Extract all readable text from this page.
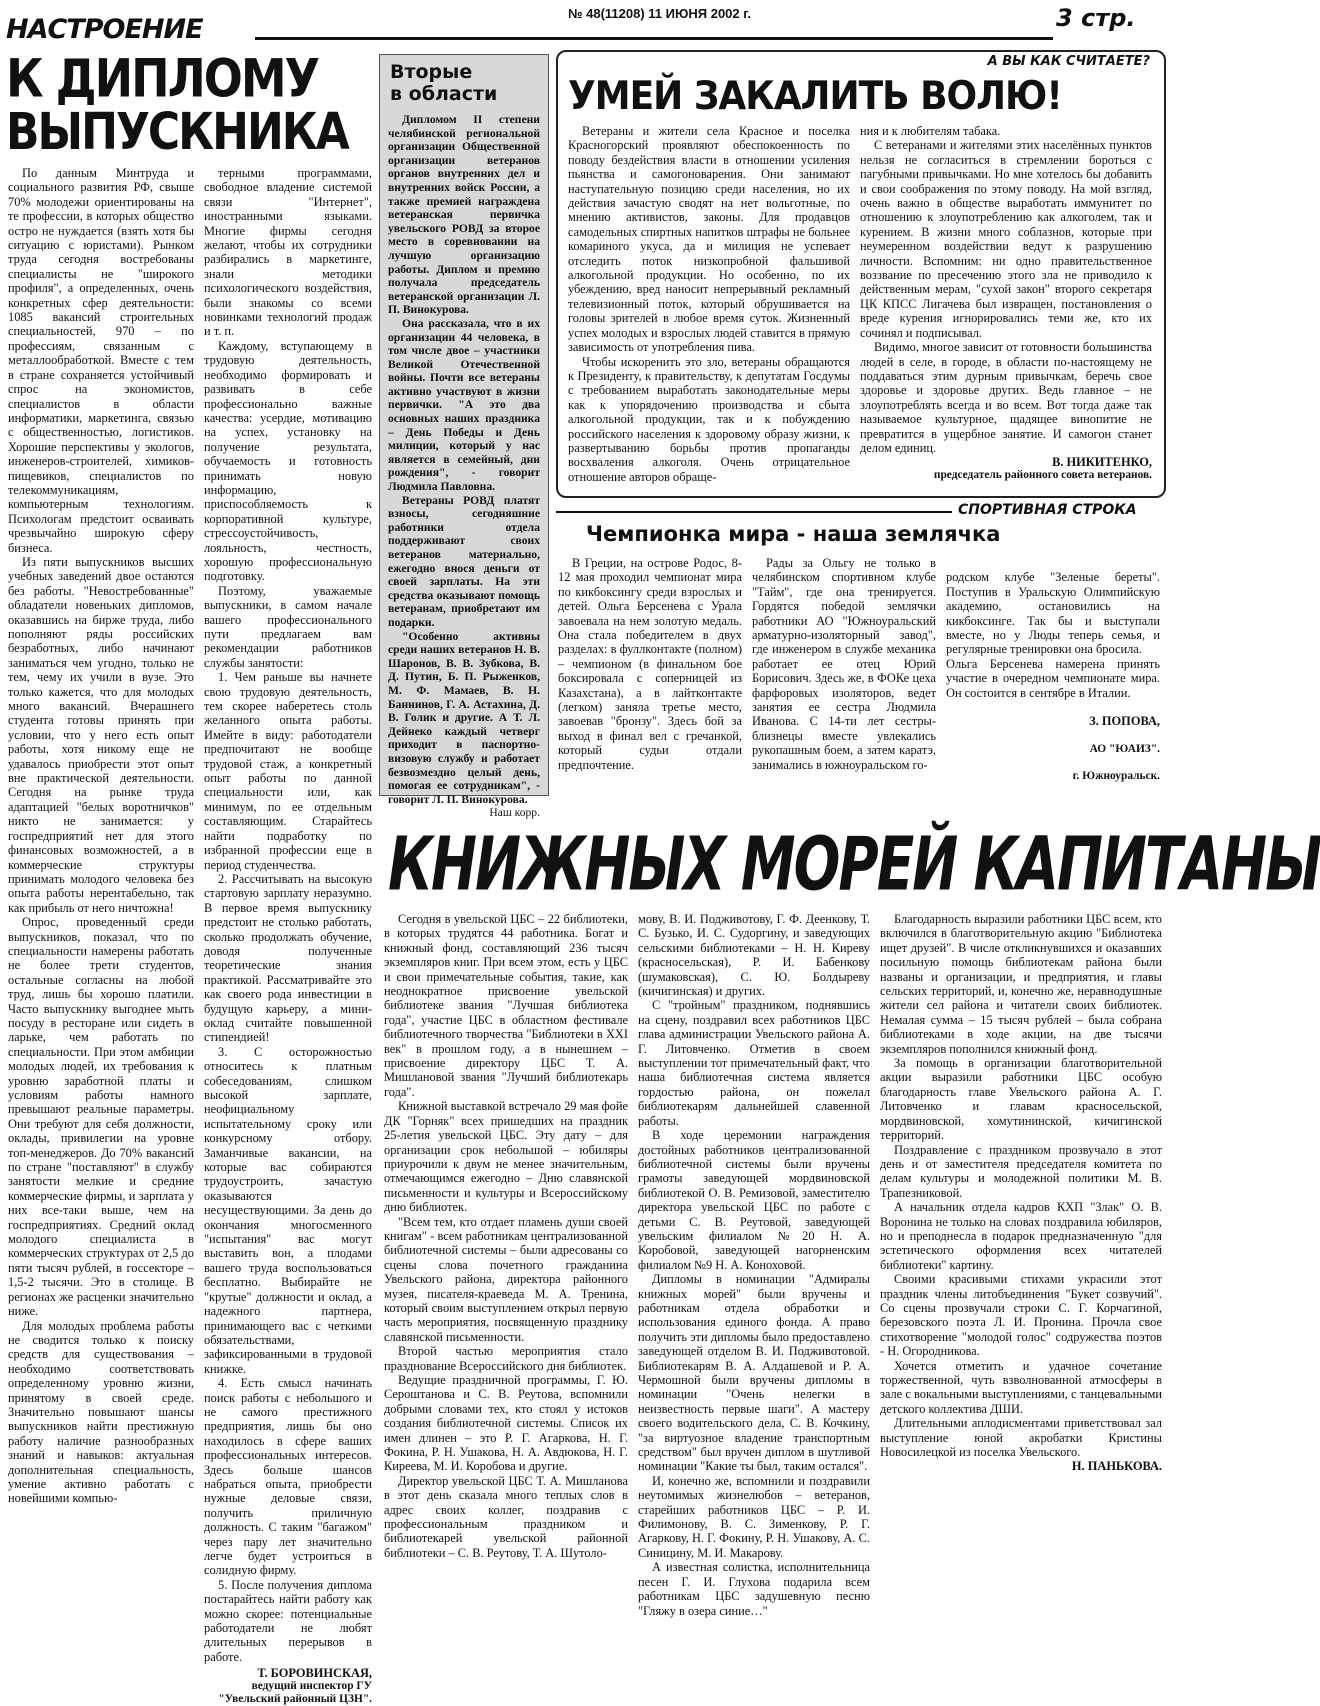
№ 48(11208) 11 ИЮНЯ 2002 г.	3 стр.
НАСТРОЕНИЕ
К ДИПЛОМУ
ВЫПУСКНИКА

По данным Минтруда и социального развития РФ, свыше 70% молодежи ориентированы на те профессии, в которых общество остро не нуждается (взять хотя бы ситуацию с юристами). Рынком труда сегодня востребованы специалисты не "широкого профиля", а определенных, очень конкретных сфер деятельности: 1085 вакансий строительных специальностей, 970 – по профессиям, связанным с металлообработкой. Вместе с тем в стране сохраняется устойчивый спрос на экономистов, специалистов в области информатики, маркетинга, связью с общественностью, логистиков. Хорошие перспективы у экологов, инженеров-строителей, химиков-пищевиков, специалистов по телекоммуникациям, компьютерным технологиям. Психологам предстоит осваивать чрезвычайно широкую сферу бизнеса.

Из пяти выпускников высших учебных заведений двое остаются без работы. "Невостребованные" обладатели новеньких дипломов, оказавшись на бирже труда, либо пополняют ряды российских безработных, либо начинают заниматься чем угодно, только не тем, чему их учили в вузе. Это только кажется, что для молодых много вакансий. Вчерашнего студента готовы принять при условии, что у него есть опыт работы, хотя никому еще не удавалось приобрести этот опыт вне практической деятельности. Сегодня на рынке труда адаптацией "белых воротничков" никто не занимается: у госпредприятий нет для этого финансовых возможностей, а в коммерческие структуры принимать молодого человека без опыта работы нерентабельно, так как прибыль от него ничтожна!

Опрос, проведенный среди выпускников, показал, что по специальности намерены работать не более трети студентов, остальные согласны на любой труд, лишь бы хорошо платили. Часто выпускнику выгоднее мыть посуду в ресторане или сидеть в ларьке, чем работать по специальности. При этом амбиции молодых людей, их требования к уровню заработной платы и условиям работы намного превышают реальные параметры. Они требуют для себя должности, оклады, привилегии на уровне топ-менеджеров. До 70% вакансий по стране "поставляют" в службу занятости мелкие и средние коммерческие фирмы, и зарплата у них все-таки выше, чем на госпредприятиях. Средний оклад молодого специалиста в коммерческих структурах от 2,5 до пяти тысяч рублей, в госсекторе – 1,5-2 тысячи. Это в столице. В регионах же расценки значительно ниже.

Для молодых проблема работы не сводится только к поиску средств для существования – необходимо соответствовать определенному уровню жизни, принятому в своей среде. Значительно повышают шансы выпускников найти престижную работу наличие разнообразных знаний и навыков: актуальная дополнительная специальность, умение активно работать с новейшими компью-

терными программами, свободное владение системой связи "Интернет", иностранными языками. Многие фирмы сегодня желают, чтобы их сотрудники разбирались в маркетинге, знали методики психологического воздействия, были знакомы со всеми новинками технологий продаж и т. п.

Каждому, вступающему в трудовую деятельность, необходимо формировать и развивать в себе профессионально важные качества: усердие, мотивацию на успех, установку на получение результата, обучаемость и готовность принимать новую информацию, приспособляемость к корпоративной культуре, стрессоустойчивость, лояльность, честность, хорошую профессиональную подготовку.

Поэтому, уважаемые выпускники, в самом начале вашего профессионального пути предлагаем вам рекомендации работников службы занятости:

1. Чем раньше вы начнете свою трудовую деятельность, тем скорее наберетесь столь желанного опыта работы. Имейте в виду: работодатели предпочитают не вообще трудовой стаж, а конкретный опыт работы по данной специальности или, как минимум, по ее отдельным составляющим. Старайтесь найти подработку по избранной профессии еще в период студенчества.

2. Рассчитывать на высокую стартовую зарплату неразумно. В первое время выпускнику предстоит не столько работать, сколько продолжать обучение, доводя полученные теоретические знания практикой. Рассматривайте это как своего рода инвестиции в будущую карьеру, а мини-оклад считайте повышенной стипендией!

3. С осторожностью относитесь к платным собеседованиям, слишком высокой зарплате, неофициальному испытательному сроку или конкурсному отбору. Заманчивые вакансии, на которые вас собираются трудоустроить, зачастую оказываются несуществующими. За день до окончания многосменного "испытания" вас могут выставить вон, а плодами вашего труда воспользоваться бесплатно. Выбирайте не "крутые" должности и оклад, а надежного партнера, принимающего вас с четкими обязательствами, зафиксированными в трудовой книжке.

4. Есть смысл начинать поиск работы с небольшого и не самого престижного предприятия, лишь бы оно находилось в сфере ваших профессиональных интересов. Здесь больше шансов набраться опыта, приобрести нужные деловые связи, получить приличную должность. С таким "багажом" через пару лет значительно легче будет устроиться в солидную фирму.

5. После получения диплома постарайтесь найти работу как можно скорее: потенциальные работодатели не любят длительных перерывов в работе.

Т. БОРОВИНСКАЯ,
ведущий инспектор ГУ "Увельский районный ЦЗН".
Вторые
в области

Дипломом II степени челябинской региональной организации Общественной организации ветеранов органов внутренних дел и внутренних войск России, а также премией награждена ветеранская первичка увельского РОВД за второе место в соревновании на лучшую организацию работы. Диплом и премию получала председатель ветеранской организации Л. П. Винокурова.

Она рассказала, что в их организации 44 человека, в том числе двое – участники Великой Отечественной войны. Почти все ветераны активно участвуют в жизни первички. "А это два основных наших праздника – День Победы и День милиции, который у нас является в семейный, дни рождения", - говорит Людмила Павловна.

Ветераны РОВД платят взносы, сегодняшние работники отдела поддерживают своих ветеранов материально, ежегодно внося деньги от своей зарплаты. На эти средства оказывают помощь ветеранам, приобретают им подарки.

"Особенно активны среди наших ветеранов Н. В. Шаронов, В. В. Зубкова, В. Д. Путин, Б. П. Рыженков, М. Ф. Мамаев, В. Н. Баннинов, Г. А. Астахина, Д. В. Голик и другие. А Т. Л. Дейнеко каждый четверг приходит в паспортно-визовую службу и работает безвозмездно целый день, помогая ее сотрудникам", - говорит Л. П. Винокурова.

Наш корр.
А ВЫ КАК СЧИТАЕТЕ?
УМЕЙ ЗАКАЛИТЬ ВОЛЮ!

Ветераны и жители села Красное и поселка Красногорский проявляют обеспокоенность по поводу бездействия власти в отношении усиления пьянства и самогоноварения. Они занимают наступательную позицию среди населения, но их действия зачастую сводят на нет вольготные, по мнению активистов, законы. Для продавцов самодельных спиртных напитков штрафы не больнее комариного укуса, да и милиция не успевает отследить поток низкопробной фальшивой алкогольной продукции. Но особенно, по их убеждению, вред наносит непрерывный рекламный телевизионный поток, который обрушивается на головы зрителей в любое время суток. Жизненный успех молодых и взрослых людей ставится в прямую зависимость от употребления пива.

Чтобы искоренить это зло, ветераны обращаются к Президенту, к правительству, к депутатам Госдумы с требованием выработать законодательные меры как к упорядочению производства и сбыта алкогольной продукции, так и к побуждению российского населения к здоровому образу жизни, к развертыванию борьбы против пропаганды восхваления алкоголя. Очень отрицательное отношение авторов обраще-

ния и к любителям табака.

С ветеранами и жителями этих населённых пунктов нельзя не согласиться в стремлении бороться с пагубными привычками. Но мне хотелось бы добавить и свои соображения по этому поводу. На мой взгляд, очень важно в обществе выработать иммунитет по отношению к злоупотреблению как алкоголем, так и курением. В жизни много соблазнов, которые при неумеренном воздействии ведут к разрушению личности. Вспомним: ни одно правительственное воззвание по пресечению этого зла не приводило к действенным мерам, "сухой закон" второго секретаря ЦК КПСС Лигачева был извращен, постановления о вреде курения игнорировались теми же, кто их сочинял и подписывал.

Видимо, многое зависит от готовности большинства людей в селе, в городе, в области по-настоящему не поддаваться этим дурным привычкам, беречь свое здоровье и здоровье других. Ведь главное – не злоупотреблять всегда и во всем. Вот тогда даже так называемое культурное, щадящее винопитие не превратится в ущербное занятие. И самогон станет делом единиц.

В. НИКИТЕНКО,
председатель районного совета ветеранов.
СПОРТИВНАЯ СТРОКА
Чемпионка мира - наша землячка

В Греции, на острове Родос, 8-12 мая проходил чемпионат мира по кикбоксингу среди взрослых и детей. Ольга Берсенева с Урала завоевала на нем золотую медаль. Она стала победителем в двух разделах: в фуллконтакте (полном) – чемпионом (в финальном бое боксировала с соперницей из Казахстана), а в лайтконтакте (легком) заняла третье место, завоевав "бронзу". Здесь бой за выход в финал вел с гречанкой, который судьи отдали предпочтение.

Рады за Ольгу не только в челябинском спортивном клубе "Тайм", где она тренируется. Гордятся победой землячки работники АО "Южноуральский арматурно-изоляторный завод", где инженером в службе механика работает ее отец Юрий Борисович. Здесь же, в ФОКе цеха фарфоровых изоляторов, ведет занятия ее сестра Людмила Иванова. С 14-ти лет сестры-близнецы вместе увлекались рукопашным боем, а затем каратэ, занимались в южноуральском го-

родском клубе "Зеленые береты". Поступив в Уральскую Олимпийскую академию, остановились на кикбоксинге. Так бы и выступали вместе, но у Люды теперь семья, и регулярные тренировки она бросила.
Ольга Берсенева намерена принять участие в очередном чемпионате мира. Он состоится в сентябре в Италии.

З. ПОПОВА,

АО "ЮАИЗ".

г. Южноуральск.

КНИЖНЫХ МОРЕЙ КАПИТАНЫ

Сегодня в увельской ЦБС – 22 библиотеки, в которых трудятся 44 работника. Богат и книжный фонд, составляющий 236 тысяч экземпляров книг. При всем этом, есть у ЦБС и свои примечательные события, такие, как неоднократное присвоение увельской библиотеке звания "Лучшая библиотека года", участие ЦБС в областном фестивале библиотечного творчества "Библиотеки в XXI век" в прошлом году, а в нынешнем – присвоение директору ЦБС Т. А. Мишлановой звания "Лучший библиотекарь года".

Книжной выставкой встречало 29 мая фойе ДК "Горняк" всех пришедших на праздник 25-летия увельской ЦБС. Эту дату – для организации срок небольшой – юбиляры приурочили к двум не менее значительным, отмечающимся ежегодно – Дню славянской письменности и культуры и Всероссийскому дню библиотек.

"Всем тем, кто отдает пламень души своей книгам" - всем работникам централизованной библиотечной системы – были адресованы со сцены слова почетного гражданина Увельского района, директора районного музея, писателя-краеведа М. А. Тренина, который своим выступлением открыл первую часть мероприятия, посвященную празднику славянской письменности.

Второй частью мероприятия стало празднование Всероссийского дня библиотек.

Ведущие праздничной программы, Г. Ю. Сероштанова и С. В. Реутова, вспомнили добрыми словами тех, кто стоял у истоков создания библиотечной системы. Список их имен длинен – это Р. Г. Агаркова, Н. Г. Фокина, Р. Н. Ушакова, Н. А. Авдюкова, Н. Г. Киреева, М. И. Коробова и другие.

Директор увельской ЦБС Т. А. Мишланова в этот день сказала много теплых слов в адрес своих коллег, поздравив с профессиональным праздником и библиотекарей увельской районной библиотеки – С. В. Реутову, Т. А. Шутоло-

мову, В. И. Подживотову, Г. Ф. Деенкову, Т. С. Бузько, И. С. Судоргину, и заведующих сельскими библиотеками – Н. Н. Киреву (красносельская), Р. И. Бабенкову (шумаковская), С. Ю. Болдыреву (кичигинская) и других.

С "тройным" праздником, поднявшись на сцену, поздравил всех работников ЦБС глава администрации Увельского района А. Г. Литовченко. Отметив в своем выступлении тот примечательный факт, что наша библиотечная система является гордостью района, он пожелал библиотекарям дальнейшей славенной работы.

В ходе церемонии награждения достойных работников централизованной библиотечной системы были вручены грамоты заведующей мордвиновской библиотекой О. В. Ремизовой, заместителю директора увельской ЦБС по работе с детьми С. В. Реутовой, заведующей увельским филиалом №20 Н. А. Коробовой, заведующей нагорненским филиалом №9 Н. А. Коноховой.

Дипломы в номинации "Адмиралы книжных морей" были вручены и работникам отдела обработки и использования единого фонда. А право получить эти дипломы было предоставлено заведующей отделом В. И. Подживотовой. Библиотекарям В. А. Алдашевой и Р. А. Чермошной были вручены дипломы в номинации "Очень нелегки в неизвестность первые шаги". А мастеру своего водительского дела, С. В. Кочкину, "за виртуозное владение транспортным средством" был вручен диплом в шутливой номинации "Какие ты был, таким остался".

И, конечно же, вспомнили и поздравили неутомимых жизнелюбов – ветеранов, старейших работников ЦБС – Р. И. Филимонову, В. С. Зименкову, Р. Г. Агаркову, Н. Г. Фокину, Р. Н. Ушакову, А. С. Синицину, М. И. Макарову.

А известная солистка, исполнительница песен Г. И. Глухова подарила всем работникам ЦБС задушевную песню "Гляжу в озера синие…"

Благодарность выразили работники ЦБС всем, кто включился в благотворительную акцию "Библиотека ищет друзей". В числе откликнувшихся и оказавших посильную помощь библиотекам района были названы и организации, и предприятия, и главы сельских территорий, и, конечно же, неравнодушные жители сел района и читатели своих библиотек. Немалая сумма – 15 тысяч рублей – была собрана библиотеками в ходе акции, на две тысячи экземпляров пополнился книжный фонд.

За помощь в организации благотворительной акции выразили работники ЦБС особую благодарность главе Увельского района А. Г. Литовченко и главам красносельской, мордвиновской, хомутининской, кичигинской территорий.

Поздравление с праздником прозвучало в этот день и от заместителя председателя комитета по делам культуры и молодежной политики М. В. Трапезниковой.

А начальник отдела кадров КХП "Злак" О. В. Воронина не только на словах поздравила юбиляров, но и преподнесла в подарок предназначенную "для эстетического оформления всех читателей библиотеки" картину.

Своими красивыми стихами украсили этот праздник члены литобъединения "Букет созвучий". Со сцены прозвучали строки С. Г. Корчагиной, березовского поэта Л. И. Пронина. Прочла свое стихотворение "молодой голос" содружества поэтов - Н. Огородникова.

Хочется отметить и удачное сочетание торжественной, чуть взволнованной атмосферы в зале с вокальными выступлениями, с танцевальными детского коллектива ДШИ.

Длительными аплодисментами приветствовал зал выступление юной акробатки Кристины Новосилецкой из поселка Увельского.

Н. ПАНЬКОВА.
